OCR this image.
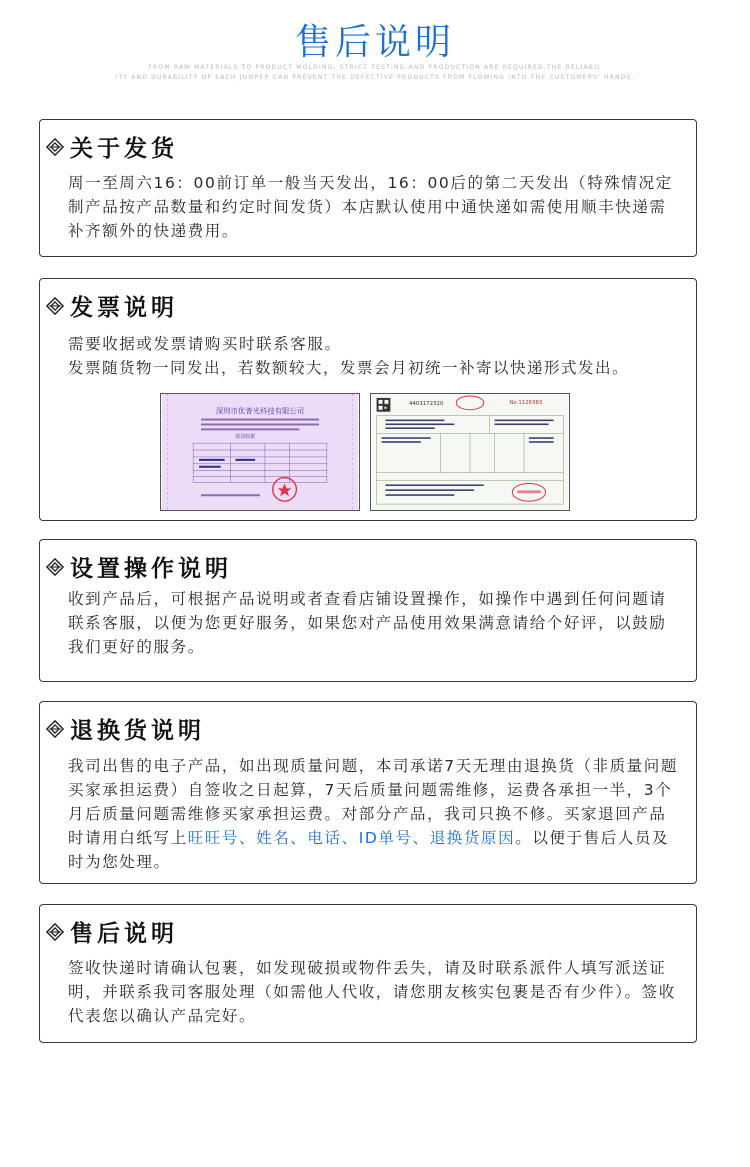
售后说明
FROM RAW MATERIALS TO PRODUCT MOLDING, STRICT TESTING AND PRODUCTION ARE REQUIRED,THE RELIABIL
ITY AND DURABILITY OF EACH JUMPER CAN PREVENT THE DEFECTIVE PRODUCTS FROM FLOWING INTO THE CUSTOMERS' HANDS.
关于发货

周一至周六16：00前订单一般当天发出，16：00后的第二天发出（特殊情况定制产品按产品数量和约定时间发货）本店默认使用中通快递如需使用顺丰快递需补齐额外的快递费用。

发票说明

需要收据或发票请购买时联系客服。

发票随货物一同发出，若数额较大，发票会月初统一补寄以快递形式发出。

深圳市优普光科技有限公司
收款收据
4403172320	No 1126383
设置操作说明

收到产品后，可根据产品说明或者查看店铺设置操作，如操作中遇到任何问题请联系客服，以便为您更好服务，如果您对产品使用效果满意请给个好评，以鼓励我们更好的服务。

退换货说明

我司出售的电子产品，如出现质量问题，本司承诺7天无理由退换货（非质量问题买家承担运费）自签收之日起算，7天后质量问题需维修，运费各承担一半，3个月后质量问题需维修买家承担运费。对部分产品，我司只换不修。买家退回产品时请用白纸写上旺旺号、姓名、电话、ID单号、退换货原因。以便于售后人员及时为您处理。

售后说明

签收快递时请确认包裹，如发现破损或物件丢失，请及时联系派件人填写派送证明，并联系我司客服处理（如需他人代收，请您朋友核实包裹是否有少件）。签收代表您以确认产品完好。
